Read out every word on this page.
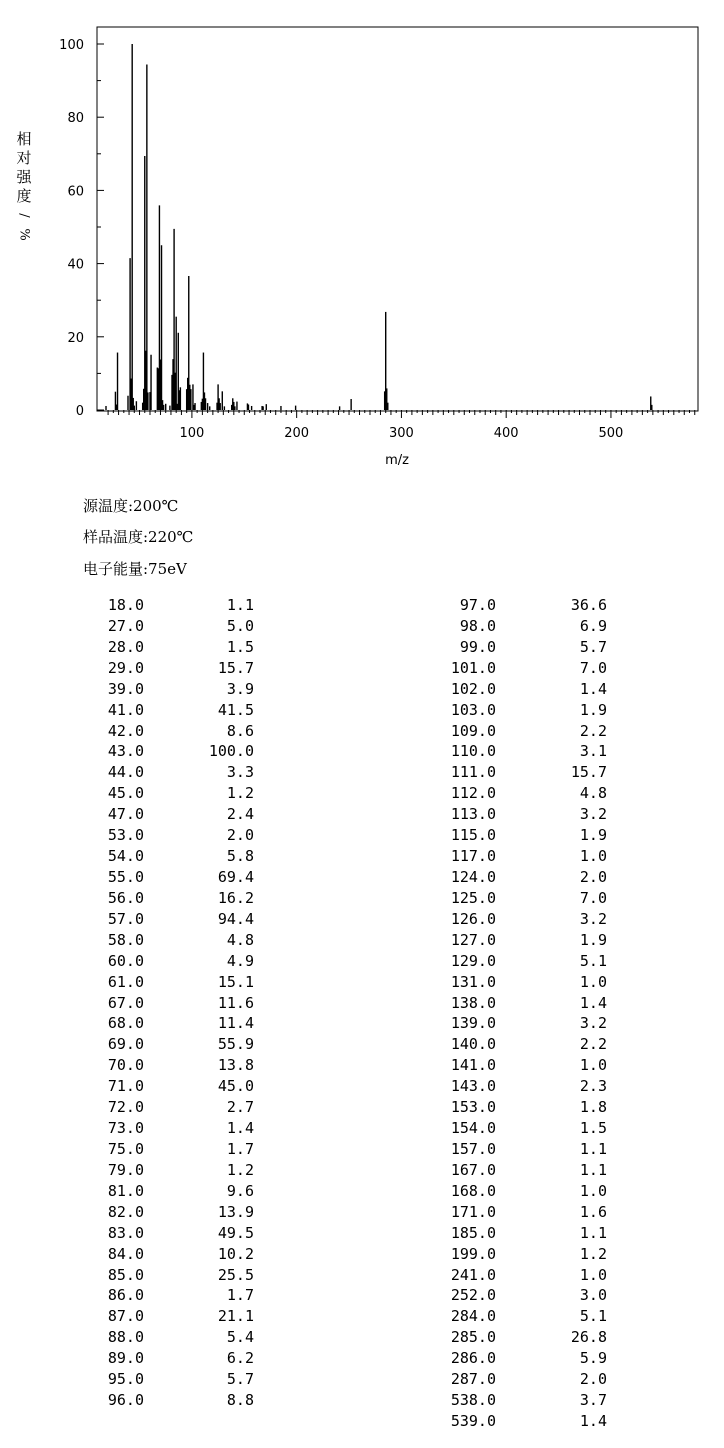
0
20
40
60
80
100
100	200	300	400	500
m/z
相
对
强
度
/
%
源温度:200℃
样品温度:220℃
电子能量:75eV
18.0	1.1
27.0	5.0
28.0	1.5
29.0	15.7
39.0	3.9
41.0	41.5
42.0	8.6
43.0	100.0
44.0	3.3
45.0	1.2
47.0	2.4
53.0	2.0
54.0	5.8
55.0	69.4
56.0	16.2
57.0	94.4
58.0	4.8
60.0	4.9
61.0	15.1
67.0	11.6
68.0	11.4
69.0	55.9
70.0	13.8
71.0	45.0
72.0	2.7
73.0	1.4
75.0	1.7
79.0	1.2
81.0	9.6
82.0	13.9
83.0	49.5
84.0	10.2
85.0	25.5
86.0	1.7
87.0	21.1
88.0	5.4
89.0	6.2
95.0	5.7
96.0	8.8
97.0	36.6
98.0	6.9
99.0	5.7
101.0	7.0
102.0	1.4
103.0	1.9
109.0	2.2
110.0	3.1
111.0	15.7
112.0	4.8
113.0	3.2
115.0	1.9
117.0	1.0
124.0	2.0
125.0	7.0
126.0	3.2
127.0	1.9
129.0	5.1
131.0	1.0
138.0	1.4
139.0	3.2
140.0	2.2
141.0	1.0
143.0	2.3
153.0	1.8
154.0	1.5
157.0	1.1
167.0	1.1
168.0	1.0
171.0	1.6
185.0	1.1
199.0	1.2
241.0	1.0
252.0	3.0
284.0	5.1
285.0	26.8
286.0	5.9
287.0	2.0
538.0	3.7
539.0	1.4
